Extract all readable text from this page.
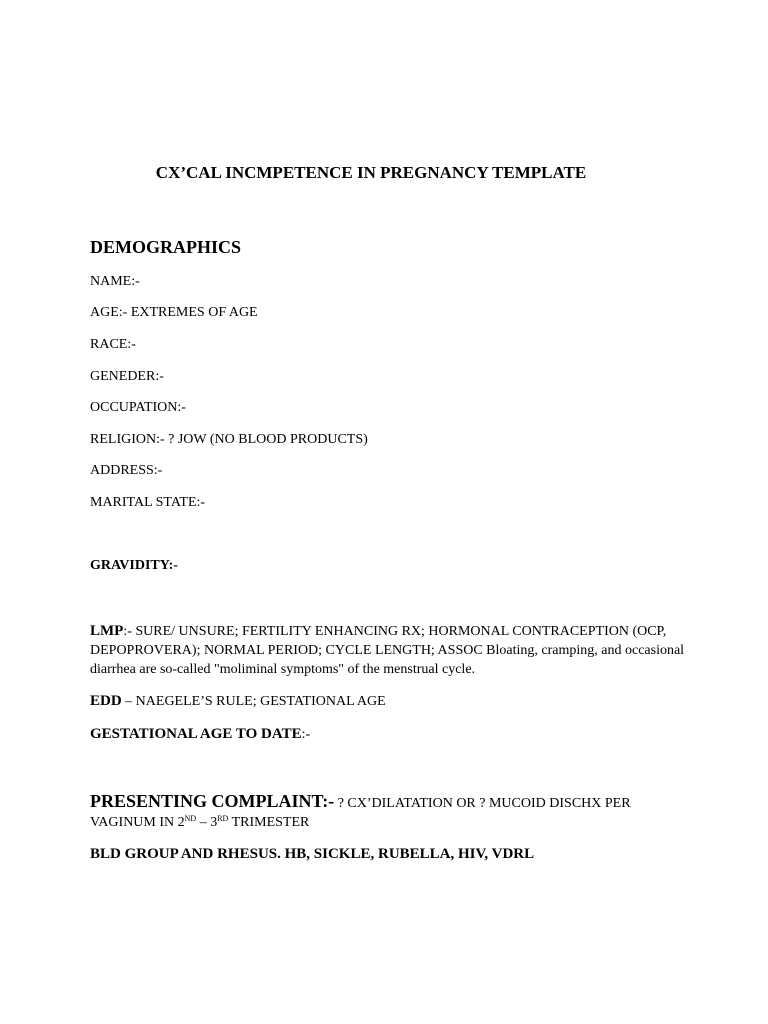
CX’CAL INCMPETENCE IN PREGNANCY TEMPLATE

DEMOGRAPHICS

NAME:-

AGE:- EXTREMES OF AGE

RACE:-

GENEDER:-

OCCUPATION:-

RELIGION:- ? JOW (NO BLOOD PRODUCTS)

ADDRESS:-

MARITAL STATE:-

GRAVIDITY:-

LMP:- SURE/ UNSURE; FERTILITY ENHANCING RX; HORMONAL CONTRACEPTION (OCP, DEPOPROVERA); NORMAL PERIOD; CYCLE LENGTH; ASSOC Bloating, cramping, and occasional diarrhea are so-called "moliminal symptoms" of the menstrual cycle.

EDD – NAEGELE’S RULE; GESTATIONAL AGE

GESTATIONAL AGE TO DATE:-

PRESENTING COMPLAINT:- ? CX’DILATATION OR ? MUCOID DISCHX PER VAGINUM IN 2ND – 3RD TRIMESTER

BLD GROUP AND RHESUS. HB, SICKLE, RUBELLA, HIV, VDRL
